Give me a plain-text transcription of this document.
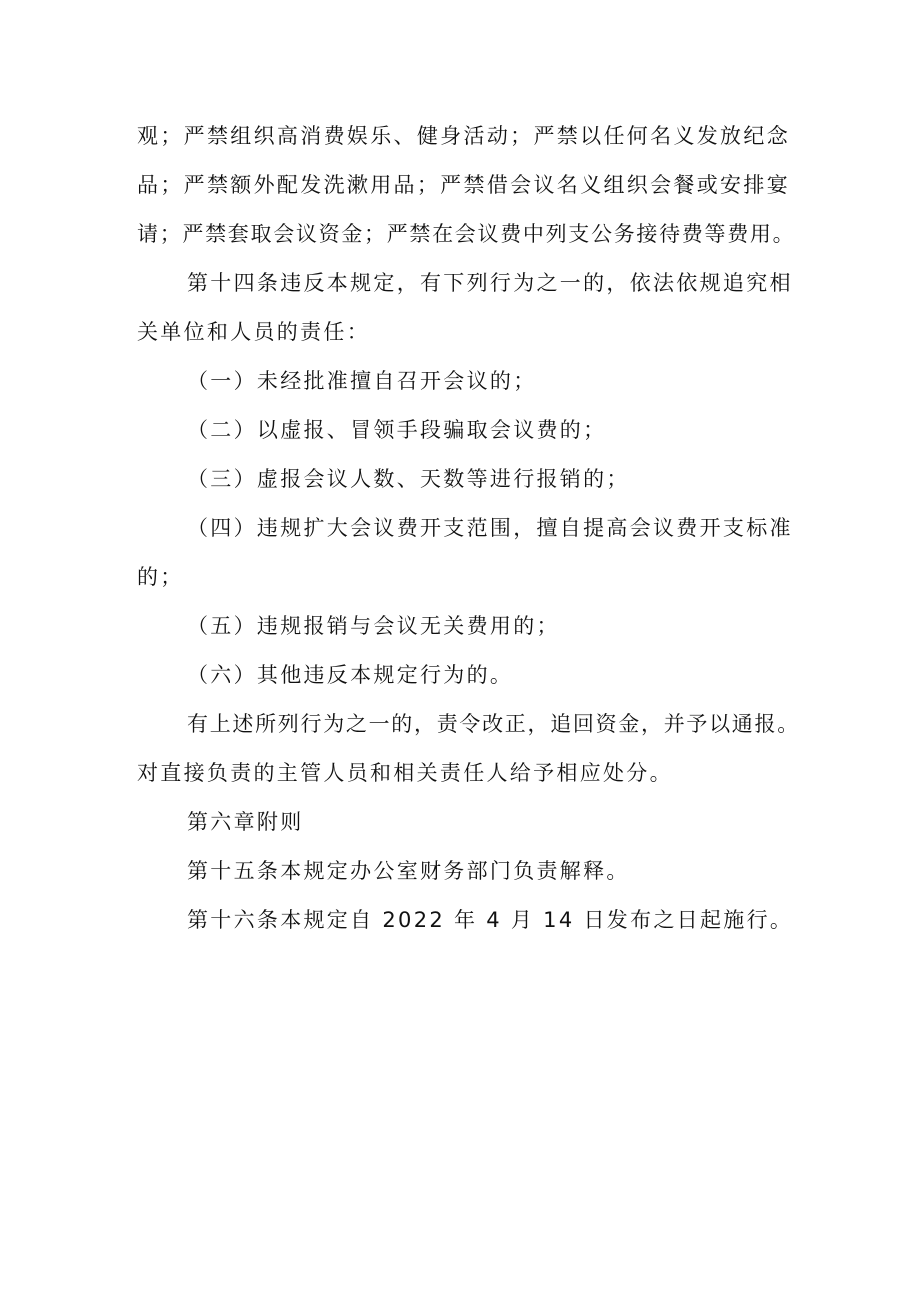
观；严禁组织高消费娱乐、健身活动；严禁以任何名义发放纪念
品；严禁额外配发洗漱用品；严禁借会议名义组织会餐或安排宴
请；严禁套取会议资金；严禁在会议费中列支公务接待费等费用。
第十四条违反本规定，有下列行为之一的，依法依规追究相
关单位和人员的责任：
（一）未经批准擅自召开会议的；
（二）以虚报、冒领手段骗取会议费的；
（三）虚报会议人数、天数等进行报销的；
（四）违规扩大会议费开支范围，擅自提高会议费开支标准
的；
（五）违规报销与会议无关费用的；
（六）其他违反本规定行为的。
有上述所列行为之一的，责令改正，追回资金，并予以通报。
对直接负责的主管人员和相关责任人给予相应处分。
第六章附则
第十五条本规定办公室财务部门负责解释。
第十六条本规定自 2022 年 4 月 14 日发布之日起施行。
